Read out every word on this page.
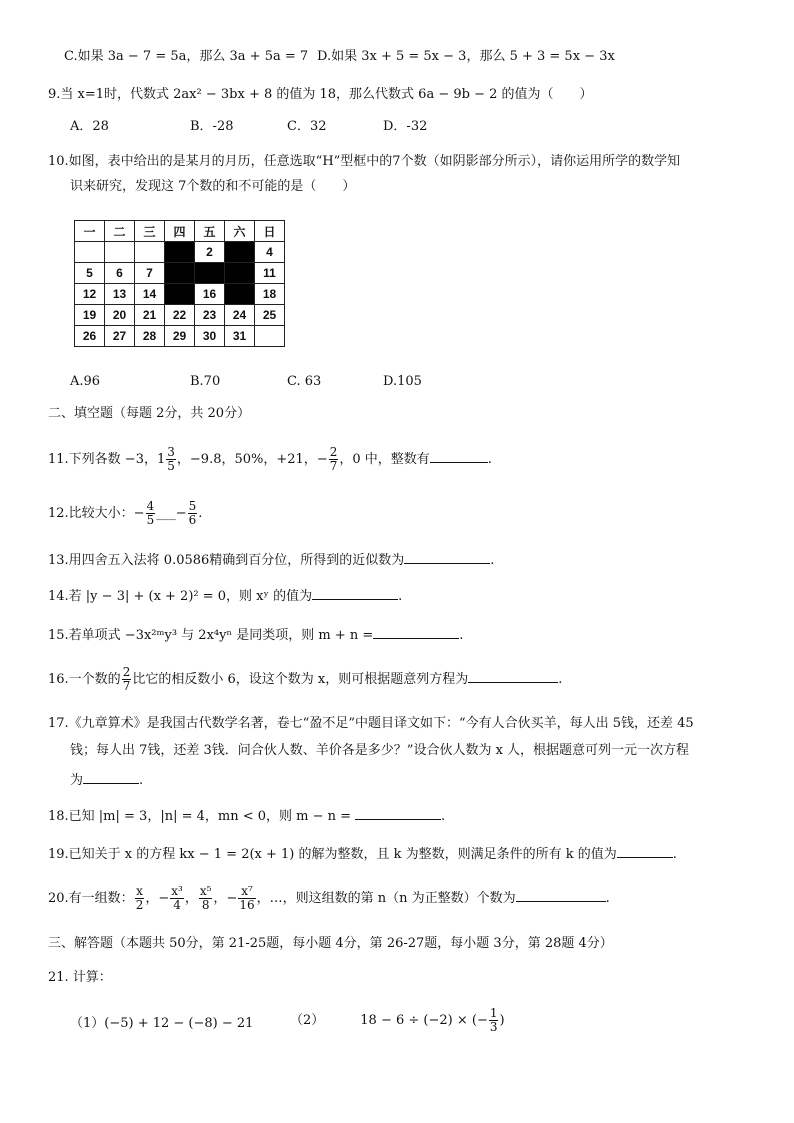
C.如果 3a − 7 = 5a，那么 3a + 5a = 7 D.如果 3x + 5 = 5x − 3，那么 5 + 3 = 5x − 3x
9.当 x=1时，代数式 2ax² − 3bx + 8 的值为 18，那么代数式 6a − 9b − 2 的值为（　　）
A．28	B．-28	C．32	D．-32
10.如图，表中给出的是某月的月历，任意选取“H”型框中的7个数（如阴影部分所示），请你运用所学的数学知
识来研究，发现这 7个数的和不可能的是（　　）
一	二	三	四	五	六	日
				2		4
5	6	7				11
12	13	14		16		18
19	20	21	22	23	24	25
26	27	28	29	30	31	
A.96	B.70	C. 63	D.105
二、填空题（每题 2分，共 20分）
11.下列各数 −3，$1 \frac{3}{5}$ ，−9.8，50%，+21，− $\frac{2}{7}$ ，0 中，整数有	.
12.比较大小：− $\frac{4}{5}$ ___− $\frac{5}{6}$ .
13.用四舍五入法将 0.0586精确到百分位，所得到的近似数为	.
14.若 |y − 3| + (x + 2)² = 0，则 xʸ 的值为	.
15.若单项式 −3x²ᵐy³ 与 2x⁴yⁿ 是同类项，则 m + n =	.
16.一个数的 $\frac{2}{7}$ 比它的相反数小 6，设这个数为 x，则可根据题意列方程为	.
17.《九章算术》是我国古代数学名著，卷七“盈不足”中题目译文如下：“今有人合伙买羊，每人出 5钱，还差 45
钱；每人出 7钱，还差 3钱．问合伙人数、羊价各是多少？”设合伙人数为 x 人，根据题意可列一元一次方程
为	.
18.已知 |m| = 3，|n| = 4，mn < 0，则 m − n =	.
19.已知关于 x 的方程 kx − 1 = 2(x + 1) 的解为整数，且 k 为整数，则满足条件的所有 k 的值为	.
20.有一组数： $\frac{x}{2}$ ，− $\frac{\text{x³}}{4}$ ， $\frac{\text{x⁵}}{8}$ ，− $\frac{\text{x⁷}}{16}$ ，…，则这组数的第 n（n 为正整数）个数为	.
三、解答题（本题共 50分，第 21-25题，每小题 4分，第 26-27题，每小题 3分，第 28题 4分）
21. 计算：
（1）(−5) + 12 − (−8) − 21	（2）	18 − 6 ÷ (−2) × (− $\frac{1}{3}$ )
